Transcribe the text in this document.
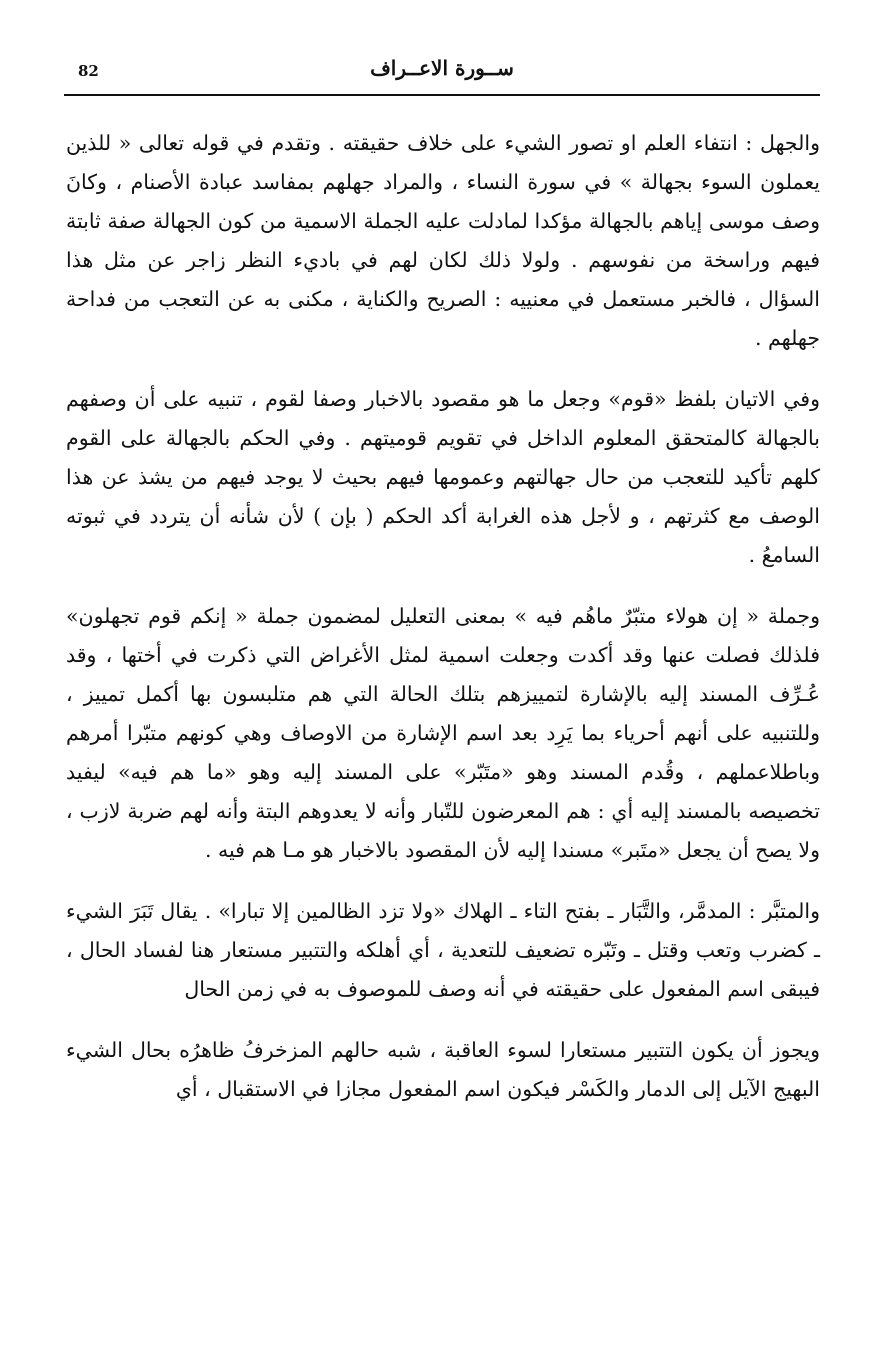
82	ســورة الاعــراف

والجهل : انتفاء العلم او تصور الشيء على خلاف حقيقته . وتقدم في قوله تعالى « للذين يعملون السوء بجهالة » في سورة النساء ، والمراد جهلهم بمفاسد عبادة الأصنام ، وكانَ وصف موسى إياهم بالجهالة مؤكدا لمادلت عليه الجملة الاسمية من كون الجهالة صفة ثابتة فيهم وراسخة من نفوسهم . ولولا ذلك لكان لهم في باديء النظر زاجر عن مثل هذا السؤال ، فالخبر مستعمل في معنييه : الصريح والكناية ، مكنى به عن التعجب من فداحة جهلهم .

وفي الاتيان بلفظ «قوم» وجعل ما هو مقصود بالاخبار وصفا لقوم ، تنبيه على أن وصفهم بالجهالة كالمتحقق المعلوم الداخل في تقويم قوميتهم . وفي الحكم بالجهالة على القوم كلهم تأكيد للتعجب من حال جهالتهم وعمومها فيهم بحيث لا يوجد فيهم من يشذ عن هذا الوصف مع كثرتهم ، و لأجل هذه الغرابة أكد الحكم ( بإن ) لأن شأنه أن يتردد في ثبوته السامعُ .

وجملة « إن هولاء متبّرٌ ماهُم فيه » بمعنى التعليل لمضمون جملة « إنكم قوم تجهلون» فلذلك فصلت عنها وقد أكدت وجعلت اسمية لمثل الأغراض التي ذكرت في أختها ، وقد عُـرِّف المسند إليه بالإشارة لتمييزهم بتلك الحالة التي هم متلبسون بها أكمل تمييز ، وللتنبيه على أنهم أحرياء بما يَرِد بعد اسم الإشارة من الاوصاف وهي كونهم متبّرا أمرهم وباطلاعملهم ، وقُدم المسند وهو «متَبّر» على المسند إليه وهو «ما هم فيه» ليفيد تخصيصه بالمسند إليه أي : هم المعرضون للتّبار وأنه لا يعدوهم البتة وأنه لهم ضربة لازب ، ولا يصح أن يجعل «متَبر» مسندا إليه لأن المقصود بالاخبار هو مـا هم فيه .

والمتبَّر : المدمَّر، والتَّبَار ـ بفتح التاء ـ الهلاك «ولا تزد الظالمين إلا تبارا» . يقال تَبَرَ الشيء ـ كضرب وتعب وقتل ـ وتَبّره تضعيف للتعدية ، أي أهلكه والتتبير مستعار هنا لفساد الحال ، فيبقى اسم المفعول على حقيقته في أنه وصف للموصوف به في زمن الحال

ويجوز أن يكون التتبير مستعارا لسوء العاقبة ، شبه حالهم المزخرفُ ظاهرُه بحال الشيء البهيج الآيل إلى الدمار والكَسْر فيكون اسم المفعول مجازا في الاستقبال ، أي
